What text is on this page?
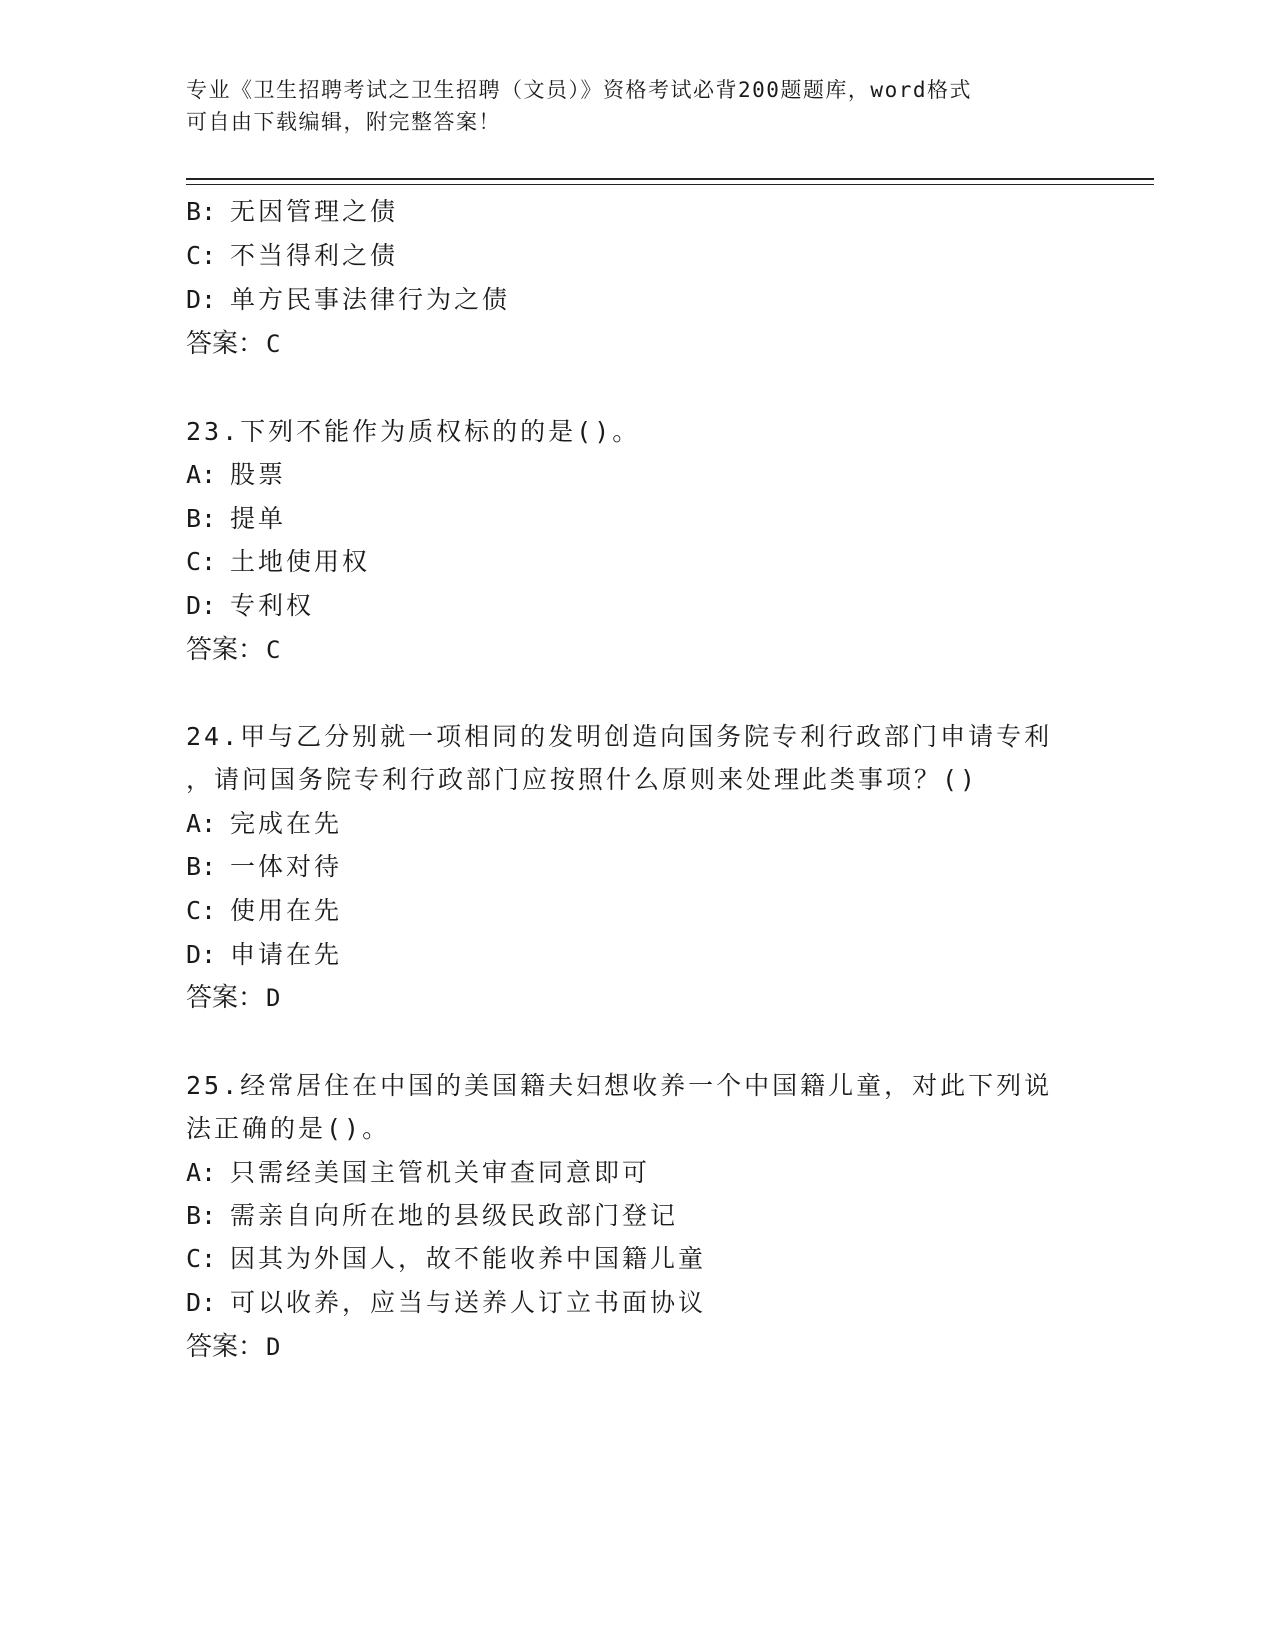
专业《卫生招聘考试之卫生招聘（文员）》资格考试必背200题题库，word格式
可自由下载编辑，附完整答案！
B: 无因管理之债
C: 不当得利之债
D: 单方民事法律行为之债
答案：C
23.下列不能作为质权标的的是()。
A: 股票
B: 提单
C: 土地使用权
D: 专利权
答案：C
24.甲与乙分别就一项相同的发明创造向国务院专利行政部门申请专利
，请问国务院专利行政部门应按照什么原则来处理此类事项？()
A: 完成在先
B: 一体对待
C: 使用在先
D: 申请在先
答案：D
25.经常居住在中国的美国籍夫妇想收养一个中国籍儿童，对此下列说
法正确的是()。
A: 只需经美国主管机关审查同意即可
B: 需亲自向所在地的县级民政部门登记
C: 因其为外国人，故不能收养中国籍儿童
D: 可以收养，应当与送养人订立书面协议
答案：D
